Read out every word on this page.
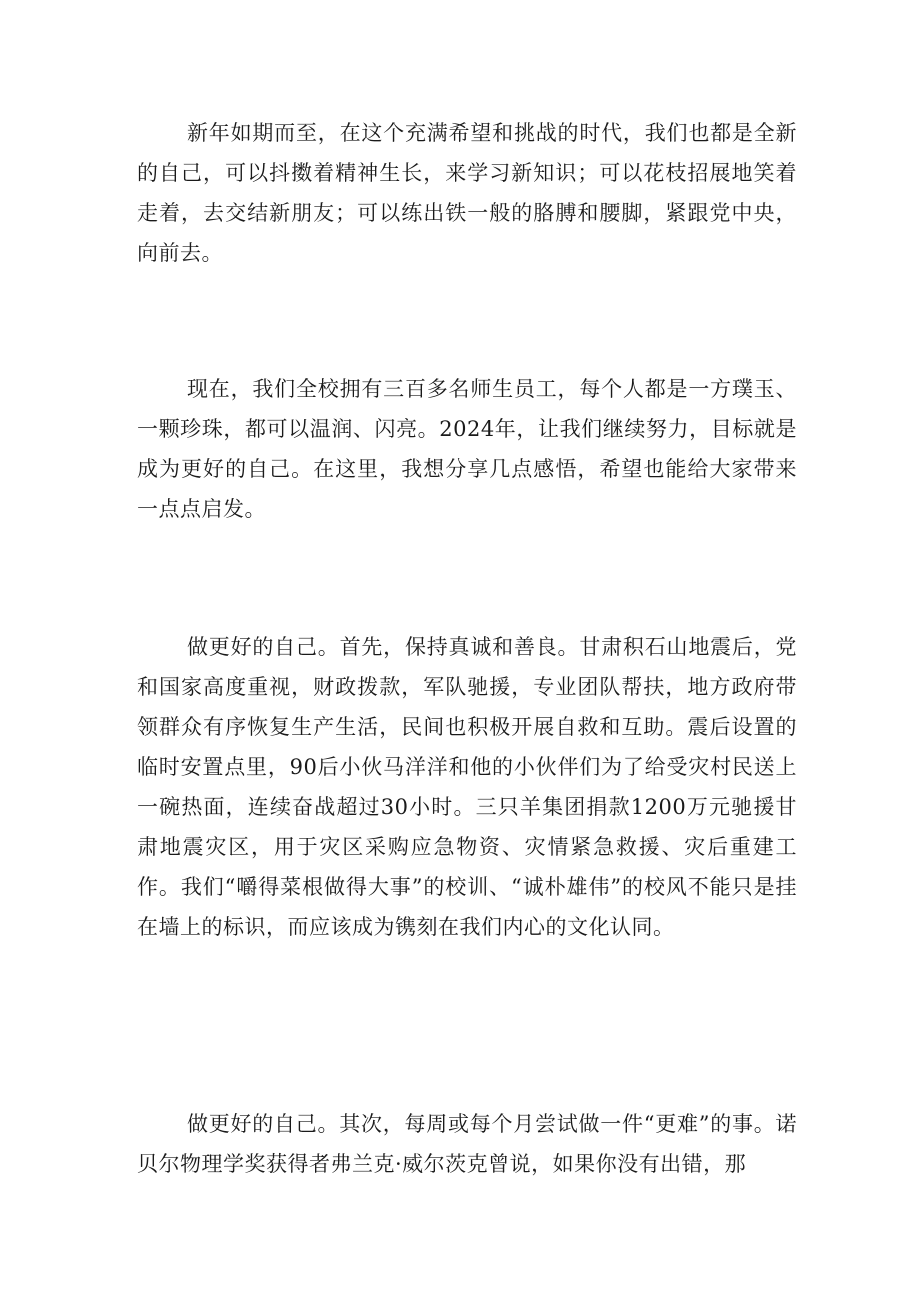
新年如期而至，在这个充满希望和挑战的时代，我们也都是全新的自己，可以抖擞着精神生长，来学习新知识；可以花枝招展地笑着走着，去交结新朋友；可以练出铁一般的胳膊和腰脚，紧跟党中央，向前去。

现在，我们全校拥有三百多名师生员工，每个人都是一方璞玉、一颗珍珠，都可以温润、闪亮。2024年，让我们继续努力，目标就是成为更好的自己。在这里，我想分享几点感悟，希望也能给大家带来一点点启发。

做更好的自己。首先，保持真诚和善良。甘肃积石山地震后，党和国家高度重视，财政拨款，军队驰援，专业团队帮扶，地方政府带领群众有序恢复生产生活，民间也积极开展自救和互助。震后设置的临时安置点里，90后小伙马洋洋和他的小伙伴们为了给受灾村民送上一碗热面，连续奋战超过30小时。三只羊集团捐款1200万元驰援甘肃地震灾区，用于灾区采购应急物资、灾情紧急救援、灾后重建工作。我们“嚼得菜根做得大事”的校训、“诚朴雄伟”的校风不能只是挂在墙上的标识，而应该成为镌刻在我们内心的文化认同。

做更好的自己。其次，每周或每个月尝试做一件“更难”的事。诺贝尔物理学奖获得者弗兰克·威尔茨克曾说，如果你没有出错，那
